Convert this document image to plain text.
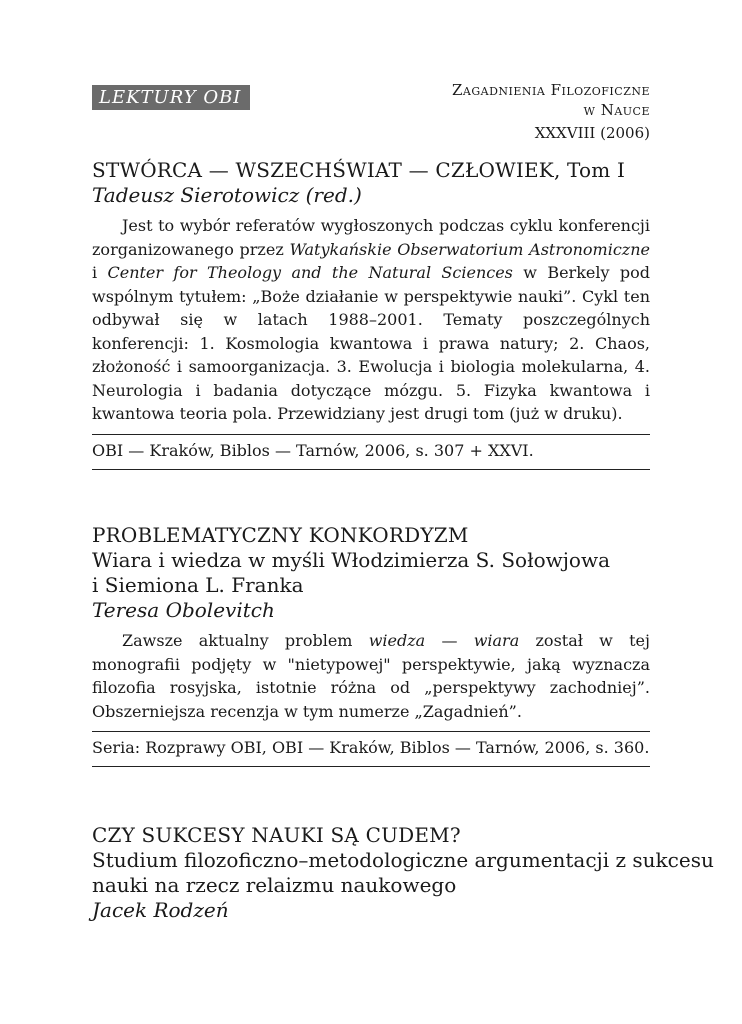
LEKTURY OBI	Zagadnienia Filozoficzne
w Nauce
XXXVIII (2006)
STWÓRCA — WSZECHŚWIAT — CZŁOWIEK, Tom I
Tadeusz Sierotowicz (red.)

Jest to wybór referatów wygłoszonych podczas cyklu konferencji zorganizowanego przez Watykańskie Obserwatorium Astronomiczne i Center for Theology and the Natural Sciences w Berkely pod wspólnym tytułem: „Boże działanie w perspektywie nauki”. Cykl ten odbywał się w latach 1988–2001. Tematy poszczególnych konferencji: 1. Kosmologia kwantowa i prawa natury; 2. Chaos, złożoność i samoorganizacja. 3. Ewolucja i biologia molekularna, 4. Neurologia i badania dotyczące mózgu. 5. Fizyka kwantowa i kwantowa teoria pola. Przewidziany jest drugi tom (już w druku).

OBI — Kraków, Biblos — Tarnów, 2006, s. 307 + XXVI.
PROBLEMATYCZNY KONKORDYZM
Wiara i wiedza w myśli Włodzimierza S. Sołowjowa
i Siemiona L. Franka
Teresa Obolevitch

Zawsze aktualny problem wiedza — wiara został w tej monografii podjęty w "nietypowej" perspektywie, jaką wyznacza filozofia rosyjska, istotnie różna od „perspektywy zachodniej”. Obszerniejsza recenzja w tym numerze „Zagadnień”.

Seria: Rozprawy OBI, OBI — Kraków, Biblos — Tarnów, 2006, s. 360.
CZY SUKCESY NAUKI SĄ CUDEM?
Studium filozoficzno–metodologiczne argumentacji z sukcesu
nauki na rzecz relaizmu naukowego
Jacek Rodzeń
